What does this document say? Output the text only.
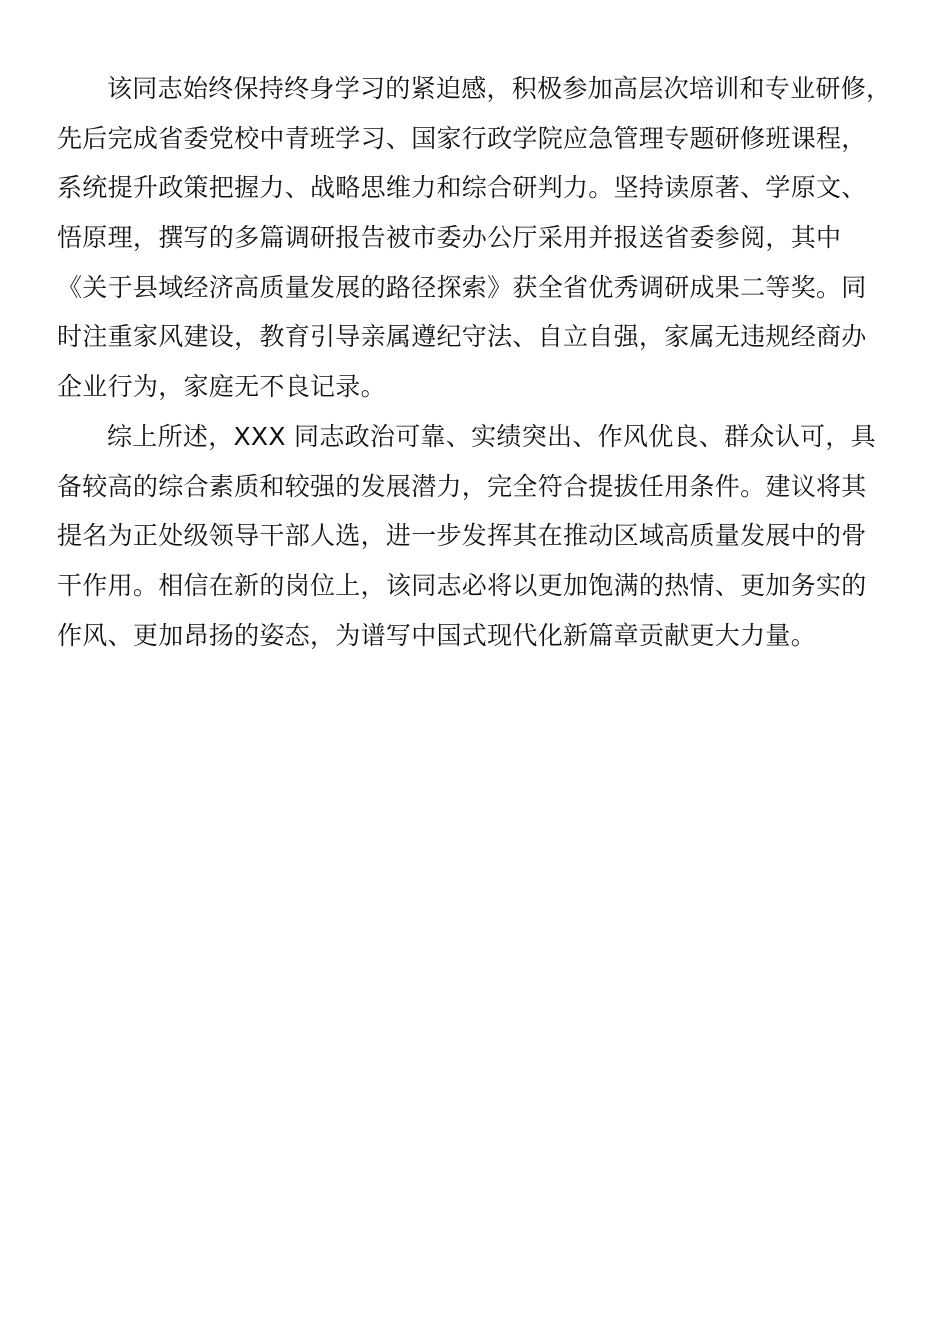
该同志始终保持终身学习的紧迫感，积极参加高层次培训和专业研修，
先后完成省委党校中青班学习、国家行政学院应急管理专题研修班课程，
系统提升政策把握力、战略思维力和综合研判力。坚持读原著、学原文、
悟原理，撰写的多篇调研报告被市委办公厅采用并报送省委参阅，其中
《关于县域经济高质量发展的路径探索》获全省优秀调研成果二等奖。同
时注重家风建设，教育引导亲属遵纪守法、自立自强，家属无违规经商办
企业行为，家庭无不良记录。
综上所述，XXX 同志政治可靠、实绩突出、作风优良、群众认可，具
备较高的综合素质和较强的发展潜力，完全符合提拔任用条件。建议将其
提名为正处级领导干部人选，进一步发挥其在推动区域高质量发展中的骨
干作用。相信在新的岗位上，该同志必将以更加饱满的热情、更加务实的
作风、更加昂扬的姿态，为谱写中国式现代化新篇章贡献更大力量。
